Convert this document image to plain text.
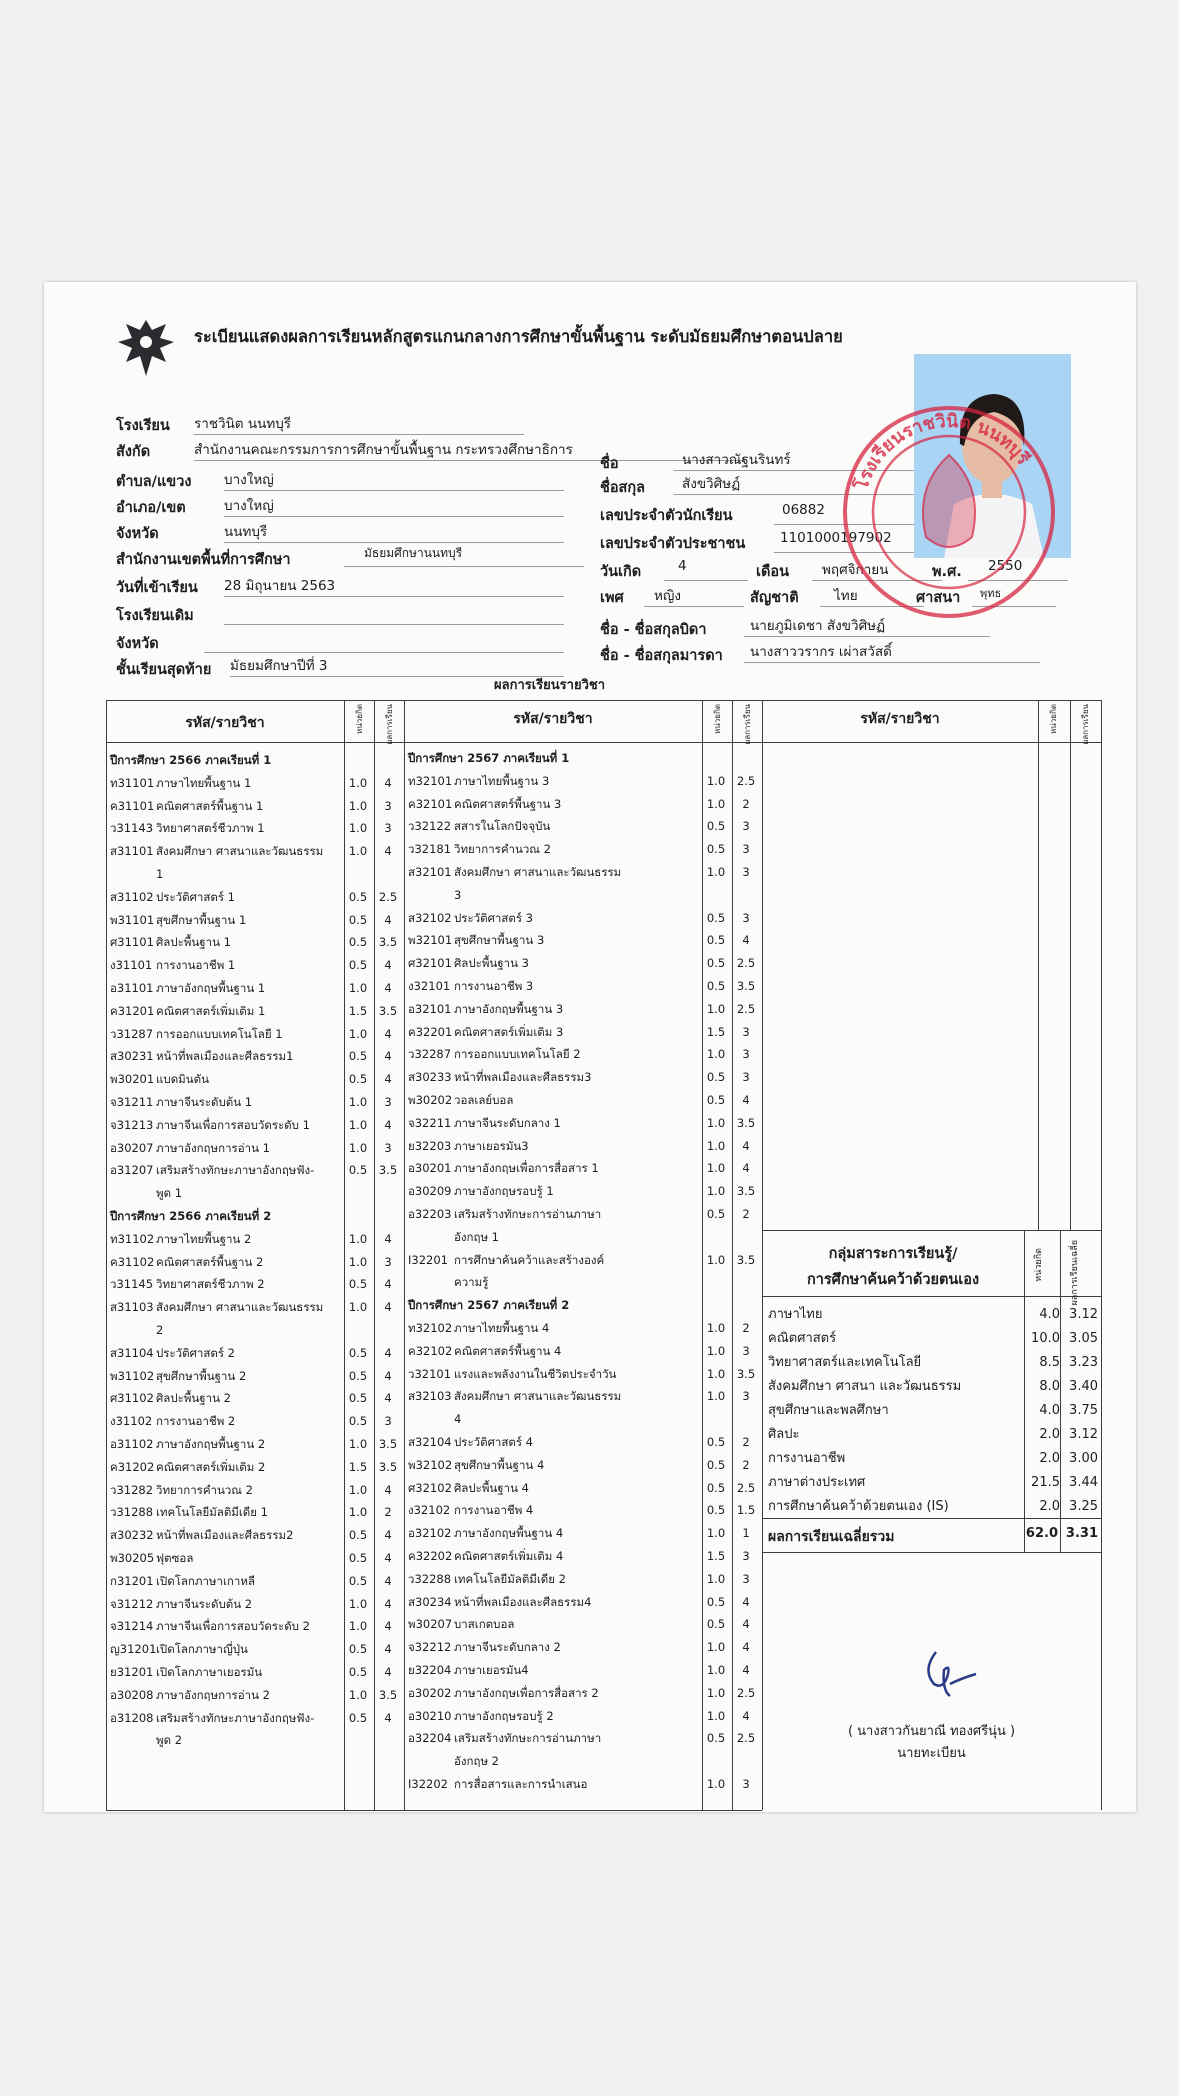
ระเบียนแสดงผลการเรียนหลักสูตรแกนกลางการศึกษาขั้นพื้นฐาน ระดับมัธยมศึกษาตอนปลาย
โรงเรียน ราชวินิต นนทบุรี
สังกัด	สำนักงานคณะกรรมการการศึกษาขั้นพื้นฐาน กระทรวงศึกษาธิการ
ตำบล/แขวง บางใหญ่
อำเภอ/เขต	บางใหญ่
จังหวัด	นนทบุรี
สำนักงานเขตพื้นที่การศึกษา	มัธยมศึกษานนทบุรี
วันที่เข้าเรียน 28 มิถุนายน 2563
โรงเรียนเดิม
จังหวัด
ชั้นเรียนสุดท้าย มัธยมศึกษาปีที่ 3
ชื่อ	นางสาวณัฐนรินทร์
ชื่อสกุล	สังขวิศิษฏ์
เลขประจำตัวนักเรียน	06882
เลขประจำตัวประชาชน	1101000197902
วันเกิด	4	เดือน	พฤศจิกายน	พ.ศ.	2550
เพศ	หญิง	สัญชาติ	ไทย	ศาสนา	พุทธ
ชื่อ - ชื่อสกุลบิดา	นายภูมิเดชา สังขวิศิษฏ์
ชื่อ - ชื่อสกุลมารดา	นางสาววรากร เผ่าสวัสดิ์
โรงเรียนราชวินิต นนทบุรี
ผลการเรียนรายวิชา
รหัส/รายวิชา	หน่วยกิต	ผลการเรียน	รหัส/รายวิชา	หน่วยกิต	ผลการเรียน	รหัส/รายวิชา	หน่วยกิต	ผลการเรียน
ปีการศึกษา 2566 ภาคเรียนที่ 1
ท31101 ภาษาไทยพื้นฐาน 1	1.0	4
ค31101 คณิตศาสตร์พื้นฐาน 1	1.0	3
ว31143 วิทยาศาสตร์ชีวภาพ 1	1.0	3
ส31101 สังคมศึกษา ศาสนาและวัฒนธรรม	1.0	4
1
ส31102 ประวัติศาสตร์ 1	0.5	2.5
พ31101 สุขศึกษาพื้นฐาน 1	0.5	4
ศ31101 ศิลปะพื้นฐาน 1	0.5	3.5
ง31101 การงานอาชีพ 1	0.5	4
อ31101 ภาษาอังกฤษพื้นฐาน 1	1.0	4
ค31201 คณิตศาสตร์เพิ่มเติม 1	1.5	3.5
ว31287 การออกแบบเทคโนโลยี 1	1.0	4
ส30231 หน้าที่พลเมืองและศีลธรรม1	0.5	4
พ30201 แบดมินตัน	0.5	4
จ31211 ภาษาจีนระดับต้น 1	1.0	3
จ31213 ภาษาจีนเพื่อการสอบวัดระดับ 1	1.0	4
อ30207 ภาษาอังกฤษการอ่าน 1	1.0	3
อ31207 เสริมสร้างทักษะภาษาอังกฤษฟัง-	0.5	3.5
พูด 1
ปีการศึกษา 2566 ภาคเรียนที่ 2
ท31102 ภาษาไทยพื้นฐาน 2	1.0	4
ค31102 คณิตศาสตร์พื้นฐาน 2	1.0	3
ว31145 วิทยาศาสตร์ชีวภาพ 2	0.5	4
ส31103 สังคมศึกษา ศาสนาและวัฒนธรรม	1.0	4
2
ส31104 ประวัติศาสตร์ 2	0.5	4
พ31102 สุขศึกษาพื้นฐาน 2	0.5	4
ศ31102 ศิลปะพื้นฐาน 2	0.5	4
ง31102 การงานอาชีพ 2	0.5	3
อ31102 ภาษาอังกฤษพื้นฐาน 2	1.0	3.5
ค31202 คณิตศาสตร์เพิ่มเติม 2	1.5	3.5
ว31282 วิทยาการคำนวณ 2	1.0	4
ว31288 เทคโนโลยีมัลติมีเดีย 1	1.0	2
ส30232 หน้าที่พลเมืองและศีลธรรม2	0.5	4
พ30205 ฟุตซอล	0.5	4
ก31201 เปิดโลกภาษาเกาหลี	0.5	4
จ31212 ภาษาจีนระดับต้น 2	1.0	4
จ31214 ภาษาจีนเพื่อการสอบวัดระดับ 2	1.0	4
ญ31201 เปิดโลกภาษาญี่ปุ่น	0.5	4
ย31201 เปิดโลกภาษาเยอรมัน	0.5	4
อ30208 ภาษาอังกฤษการอ่าน 2	1.0	3.5
อ31208 เสริมสร้างทักษะภาษาอังกฤษฟัง-	0.5	4
พูด 2
ปีการศึกษา 2567 ภาคเรียนที่ 1
ท32101 ภาษาไทยพื้นฐาน 3	1.0	2.5
ค32101 คณิตศาสตร์พื้นฐาน 3	1.0	2
ว32122 สสารในโลกปัจจุบัน	0.5	3
ว32181 วิทยาการคำนวณ 2	0.5	3
ส32101 สังคมศึกษา ศาสนาและวัฒนธรรม	1.0	3
3
ส32102 ประวัติศาสตร์ 3	0.5	3
พ32101 สุขศึกษาพื้นฐาน 3	0.5	4
ศ32101 ศิลปะพื้นฐาน 3	0.5	2.5
ง32101 การงานอาชีพ 3	0.5	3.5
อ32101 ภาษาอังกฤษพื้นฐาน 3	1.0	2.5
ค32201 คณิตศาสตร์เพิ่มเติม 3	1.5	3
ว32287 การออกแบบเทคโนโลยี 2	1.0	3
ส30233 หน้าที่พลเมืองและศีลธรรม3	0.5	3
พ30202 วอลเลย์บอล	0.5	4
จ32211 ภาษาจีนระดับกลาง 1	1.0	3.5
ย32203 ภาษาเยอรมัน3	1.0	4
อ30201 ภาษาอังกฤษเพื่อการสื่อสาร 1	1.0	4
อ30209 ภาษาอังกฤษรอบรู้ 1	1.0	3.5
อ32203 เสริมสร้างทักษะการอ่านภาษา	0.5	2
อังกฤษ 1
I32201 การศึกษาค้นคว้าและสร้างองค์	1.0	3.5
ความรู้
ปีการศึกษา 2567 ภาคเรียนที่ 2
ท32102 ภาษาไทยพื้นฐาน 4	1.0	2
ค32102 คณิตศาสตร์พื้นฐาน 4	1.0	3
ว32101 แรงและพลังงานในชีวิตประจำวัน	1.0	3.5
ส32103 สังคมศึกษา ศาสนาและวัฒนธรรม	1.0	3
4
ส32104 ประวัติศาสตร์ 4	0.5	2
พ32102 สุขศึกษาพื้นฐาน 4	0.5	2
ศ32102 ศิลปะพื้นฐาน 4	0.5	2.5
ง32102 การงานอาชีพ 4	0.5	1.5
อ32102 ภาษาอังกฤษพื้นฐาน 4	1.0	1
ค32202 คณิตศาสตร์เพิ่มเติม 4	1.5	3
ว32288 เทคโนโลยีมัลติมีเดีย 2	1.0	3
ส30234 หน้าที่พลเมืองและศีลธรรม4	0.5	4
พ30207 บาสเกตบอล	0.5	4
จ32212 ภาษาจีนระดับกลาง 2	1.0	4
ย32204 ภาษาเยอรมัน4	1.0	4
อ30202 ภาษาอังกฤษเพื่อการสื่อสาร 2	1.0	2.5
อ30210 ภาษาอังกฤษรอบรู้ 2	1.0	4
อ32204 เสริมสร้างทักษะการอ่านภาษา	0.5	2.5
อังกฤษ 2
I32202 การสื่อสารและการนำเสนอ	1.0	3
กลุ่มสาระการเรียนรู้/
การศึกษาค้นคว้าด้วยตนเอง	หน่วยกิต	ผลการเรียนเฉลี่ย
ภาษาไทย	4.0 3.12
คณิตศาสตร์	10.0 3.05
วิทยาศาสตร์และเทคโนโลยี	8.5 3.23
สังคมศึกษา ศาสนา และวัฒนธรรม	8.0 3.40
สุขศึกษาและพลศึกษา	4.0 3.75
ศิลปะ	2.0 3.12
การงานอาชีพ	2.0 3.00
ภาษาต่างประเทศ	21.5 3.44
การศึกษาค้นคว้าด้วยตนเอง (IS)	2.0 3.25
ผลการเรียนเฉลี่ยรวม	62.0 3.31
( นางสาวกันยาณี ทองศรีนุ่น )
นายทะเบียน
